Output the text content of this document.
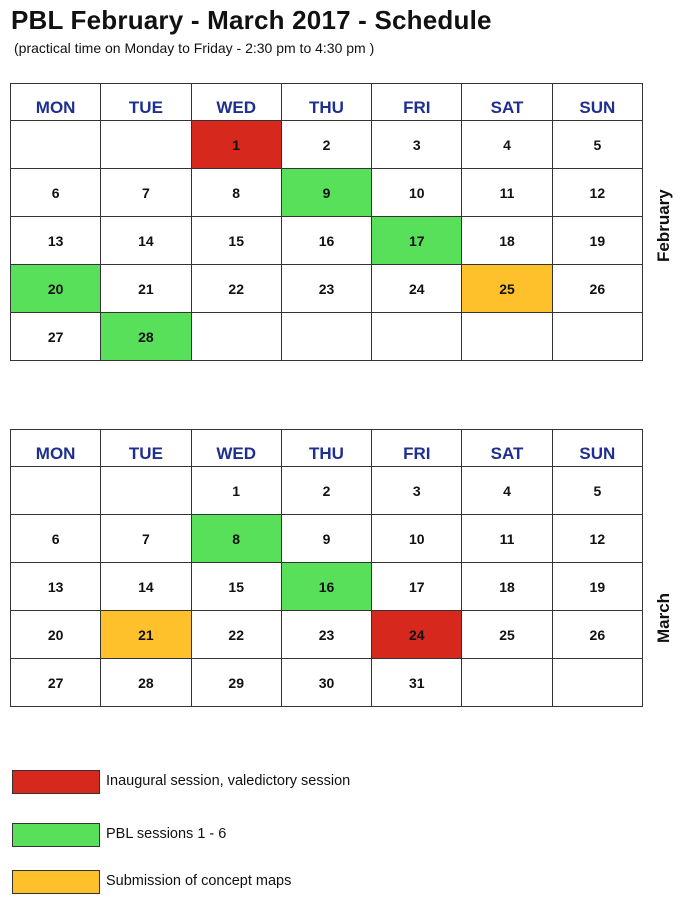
PBL February - March 2017 - Schedule
(practical time on Monday to Friday - 2:30 pm to 4:30 pm )
MON	TUE	WED	THU	FRI	SAT	SUN
		1	2	3	4	5
6	7	8	9	10	11	12
13	14	15	16	17	18	19
20	21	22	23	24	25	26
27	28					
February
MON	TUE	WED	THU	FRI	SAT	SUN
		1	2	3	4	5
6	7	8	9	10	11	12
13	14	15	16	17	18	19
20	21	22	23	24	25	26
27	28	29	30	31		
March
Inaugural session, valedictory session
PBL sessions 1 - 6
Submission of concept maps
